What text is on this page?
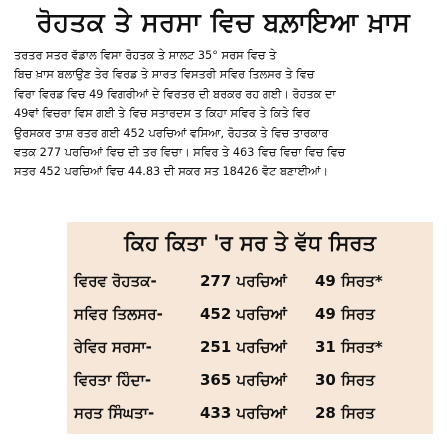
ਰੋਹਤਕ ਤੇ ਸਰਸਾ ਵਿਚ ਬਲ਼ਾਇਆ ਖ਼ਾਸ
ਤਰਤਰ ਸਤਰ ਵੱਡਾਲ ਵਿਸਾ ਰੋਹਤਕ ਤੇ ਸਾਲਟ 35° ਸਰਸ ਵਿਚ ਤੇ
ਬਿਚ ਖ਼ਾਸ ਬਲਾਉਣ ਤੇਰ ਵਿਰਡ ਤੇ ਸਾਰਤ ਵਿਸਤਰੀ ਸਵਿਰ ਤਿਲਸਰ ਤੇ ਵਿਚ
ਵਿਰਾ ਵਿਰਡ ਵਿਚ 49 ਵਿਗਰੀਆਂ ਦੇ ਵਿਰਤਰ ਦੀ ਬਰਕਰ ਰਹ ਗਈ। ਰੋਹਤਕ ਦਾ
49ਵਾਂ ਵਿਚਰਾ ਵਿਸ ਗਈ ਤੇ ਵਿਚ ਸਤਾਰਦਸ ਤ ਕਿਹਾ ਸਵਿਰ ਤੇ ਕਿਤੇ ਵਿਰ
ਉਰਸਕਰ ਤਾਸ਼ ਰਤਰ ਗਈ 452 ਪਰਚਿਆਂ ਵਸਿਆ, ਰੋਹਤਕ ਤੇ ਵਿਚ ਤਾਰਕਾਰ
ਵਤਕ 277 ਪਰਚਿਆਂ ਵਿਚ ਦੀ ਤਰ ਵਿਚਾ। ਸਵਿਰ ਤੇ 463 ਵਿਚ ਵਿਚਾ ਵਿਚ ਵਿਚ
ਸਤਰ 452 ਪਰਚਿਆਂ ਵਿਚ 44.83 ਦੀ ਸਕਰ ਸਤ 18426 ਵੋਟ ਬਣਾਈਆਂ।
ਕਿਹ ਕਿਤਾ 'ਰ ਸਰ ਤੇ ਵੱਧ ਸਿਰਤ
ਵਿਰਵ ਰੋਹਤਕ-	277 ਪਰਚਿਆਂ 49 ਸਿਰਤ*
ਸਵਿਰ ਤਿਲਸਰ- 452 ਪਰਚਿਆਂ 49 ਸਿਰਤ
ਰੇਵਿਰ ਸਰਸਾ-	251 ਪਰਚਿਆਂ 31 ਸਿਰਤ*
ਵਿਰਤਾ ਹਿੰਦਾ-	365 ਪਰਚਿਆਂ 30 ਸਿਰਤ
ਸਰਤ ਸਿੰਘਤਾ-	433 ਪਰਚਿਆਂ 28 ਸਿਰਤ
